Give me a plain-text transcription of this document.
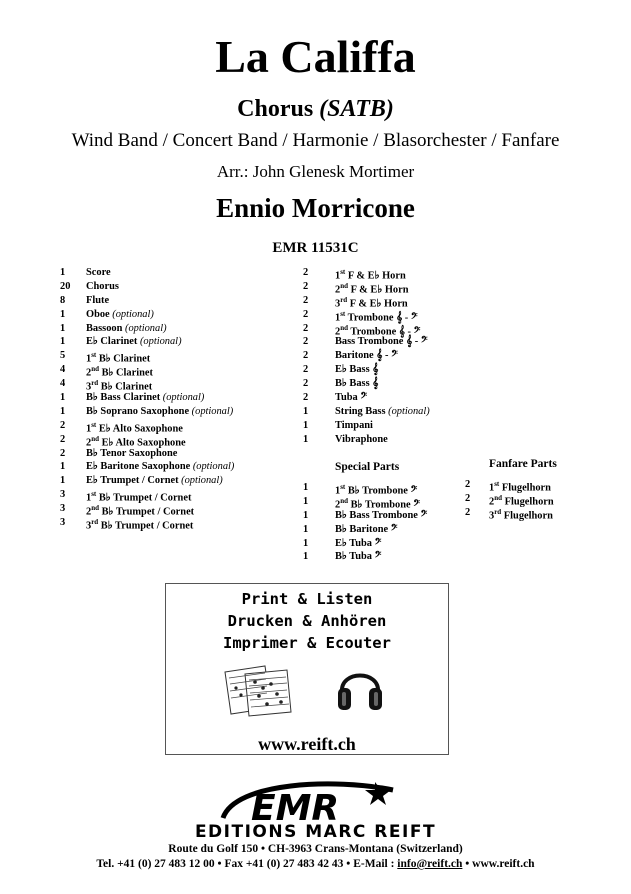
La Califfa
Chorus (SATB)
Wind Band / Concert Band / Harmonie / Blasorchester / Fanfare
Arr.: John Glenesk Mortimer
Ennio Morricone
EMR 11531C
1 Score
20 Chorus
8 Flute
1 Oboe (optional)
1 Bassoon (optional)
1 E♭ Clarinet (optional)
5 1st B♭ Clarinet
4 2nd B♭ Clarinet
4 3rd B♭ Clarinet
1 B♭ Bass Clarinet (optional)
1 B♭ Soprano Saxophone (optional)
2 1st E♭ Alto Saxophone
2 2nd E♭ Alto Saxophone
2 B♭ Tenor Saxophone
1 E♭ Baritone Saxophone (optional)
1 E♭ Trumpet / Cornet (optional)
3 1st B♭ Trumpet / Cornet
3 2nd B♭ Trumpet / Cornet
3 3rd B♭ Trumpet / Cornet
2	1st F & E♭ Horn
2	2nd F & E♭ Horn
2	3rd F & E♭ Horn
2	1st Trombone 𝄞 - 𝄢
2	2nd Trombone 𝄞 - 𝄢
2	Bass Trombone 𝄞 - 𝄢
2	Baritone 𝄞 - 𝄢
2	E♭ Bass 𝄞
2	B♭ Bass 𝄞
2	Tuba 𝄢
1	String Bass (optional)
1	Timpani
1	Vibraphone
Special Parts
1	1st B♭ Trombone 𝄢
1	2nd B♭ Trombone 𝄢
1	B♭ Bass Trombone 𝄢
1	B♭ Baritone 𝄢
1	E♭ Tuba 𝄢
1	B♭ Tuba 𝄢
Fanfare Parts
2 1st Flugelhorn
2 2nd Flugelhorn
2 3rd Flugelhorn
Print & Listen
Drucken & Anhören
Imprimer & Ecouter
www.reift.ch
EMR
EDITIONS MARC REIFT
Route du Golf 150 • CH-3963 Crans-Montana (Switzerland)
Tel. +41 (0) 27 483 12 00 • Fax +41 (0) 27 483 42 43 • E-Mail : info@reift.ch • www.reift.ch
